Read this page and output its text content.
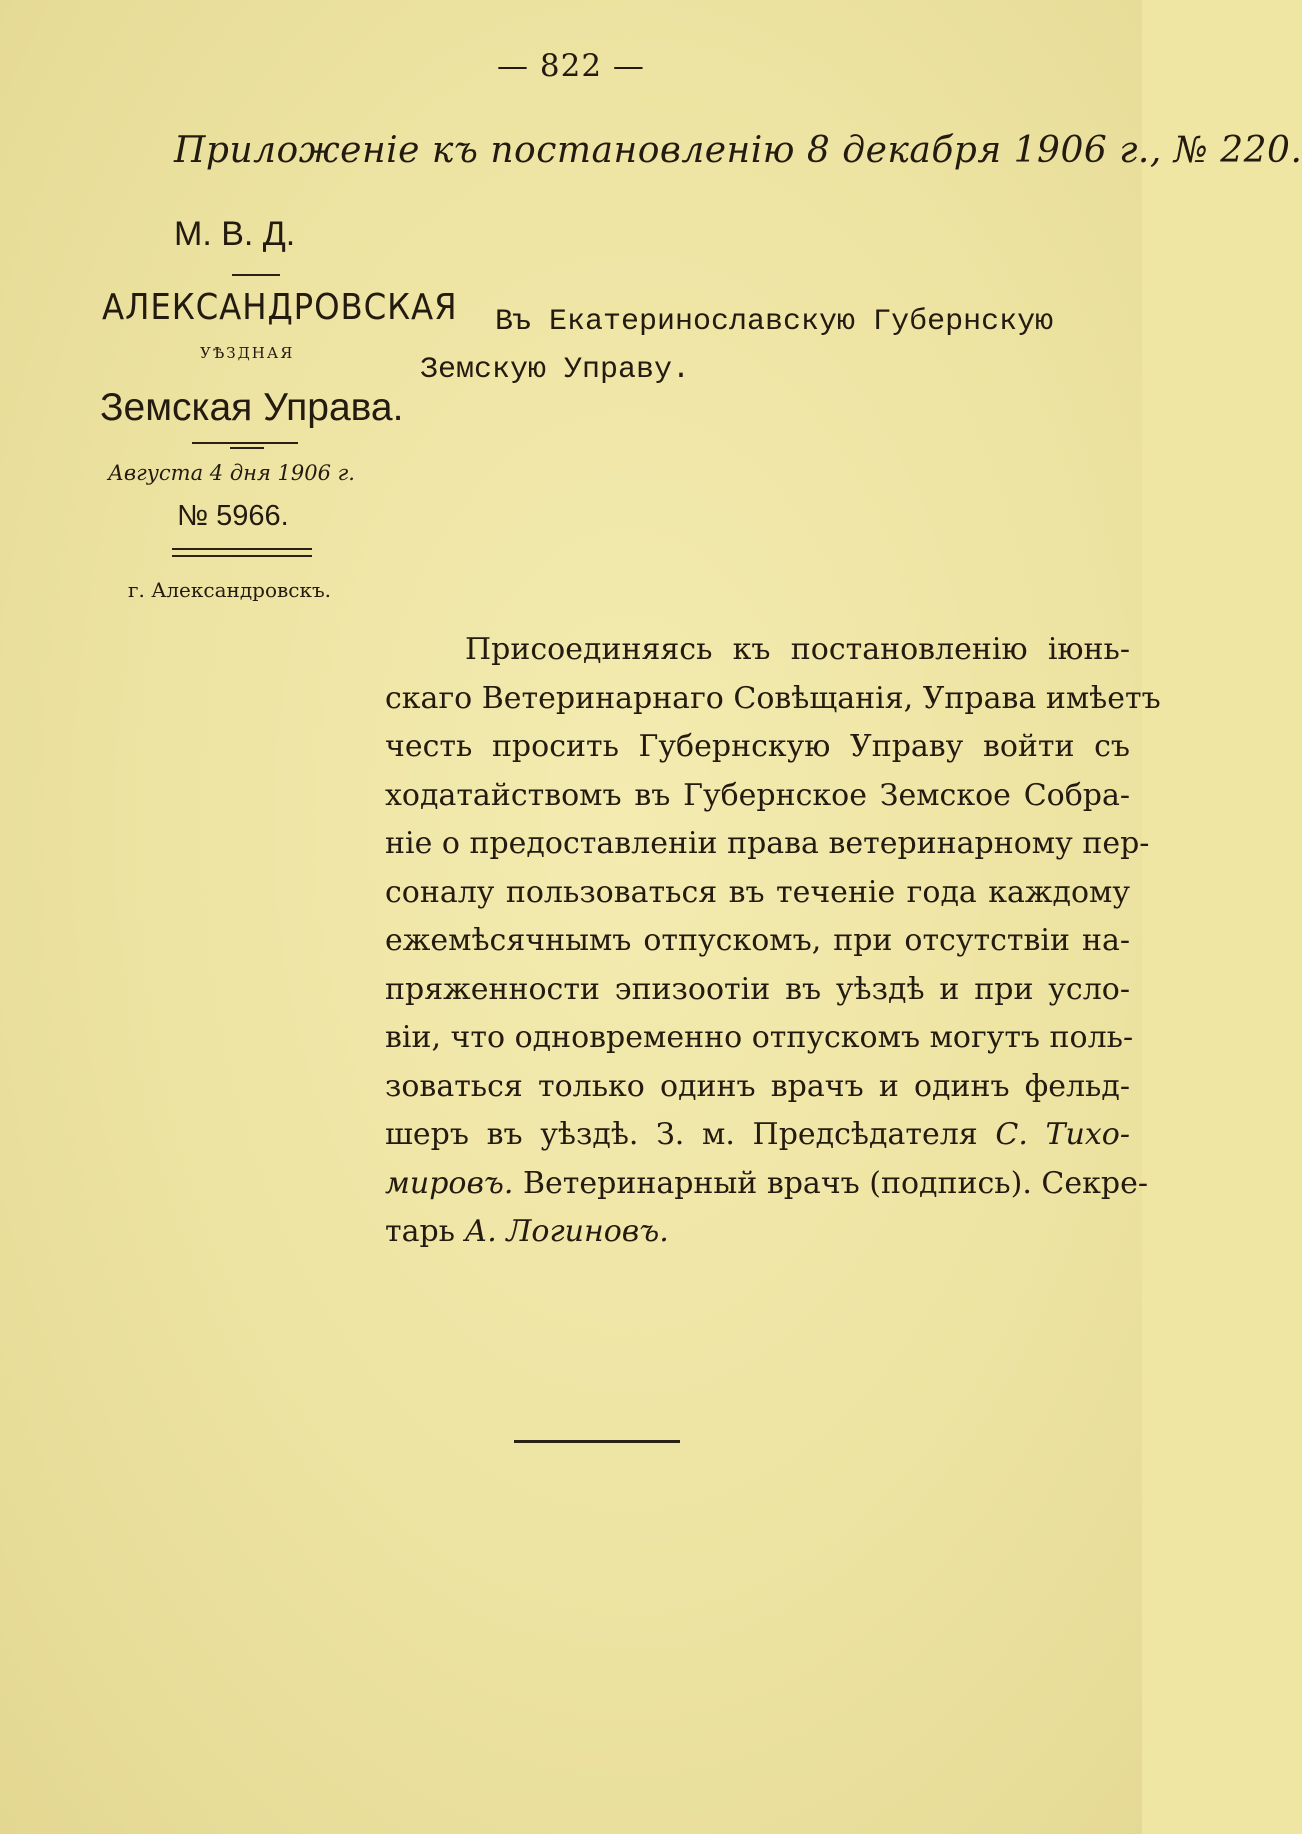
— 822 —
Приложеніе къ постановленію 8 декабря 1906 г., № 220.
М. В. Д.
АЛЕКСАНДРОВСКАЯ
УѢЗДНАЯ
Земская Управа.
Августа 4 дня 1906 г.
№ 5966.
г. Александровскъ.
Въ Екатеринославскую Губернскую
Земскую Управу.
Присоединяясь къ постановленію іюнь-
скаго Ветеринарнаго Совѣщанія, Управа имѣетъ
честь просить Губернскую Управу войти съ
ходатайствомъ въ Губернское Земское Собра-
ніе о предоставленіи права ветеринарному пер-
соналу пользоваться въ теченіе года каждому
ежемѣсячнымъ отпускомъ, при отсутствіи на-
пряженности эпизоотіи въ уѣздѣ и при усло-
віи, что одновременно отпускомъ могутъ поль-
зоваться только одинъ врачъ и одинъ фельд-
шеръ въ уѣздѣ. З. м. Предсѣдателя С. Тихо-
мировъ. Ветеринарный врачъ (подпись). Секре-
тарь А. Логиновъ.
